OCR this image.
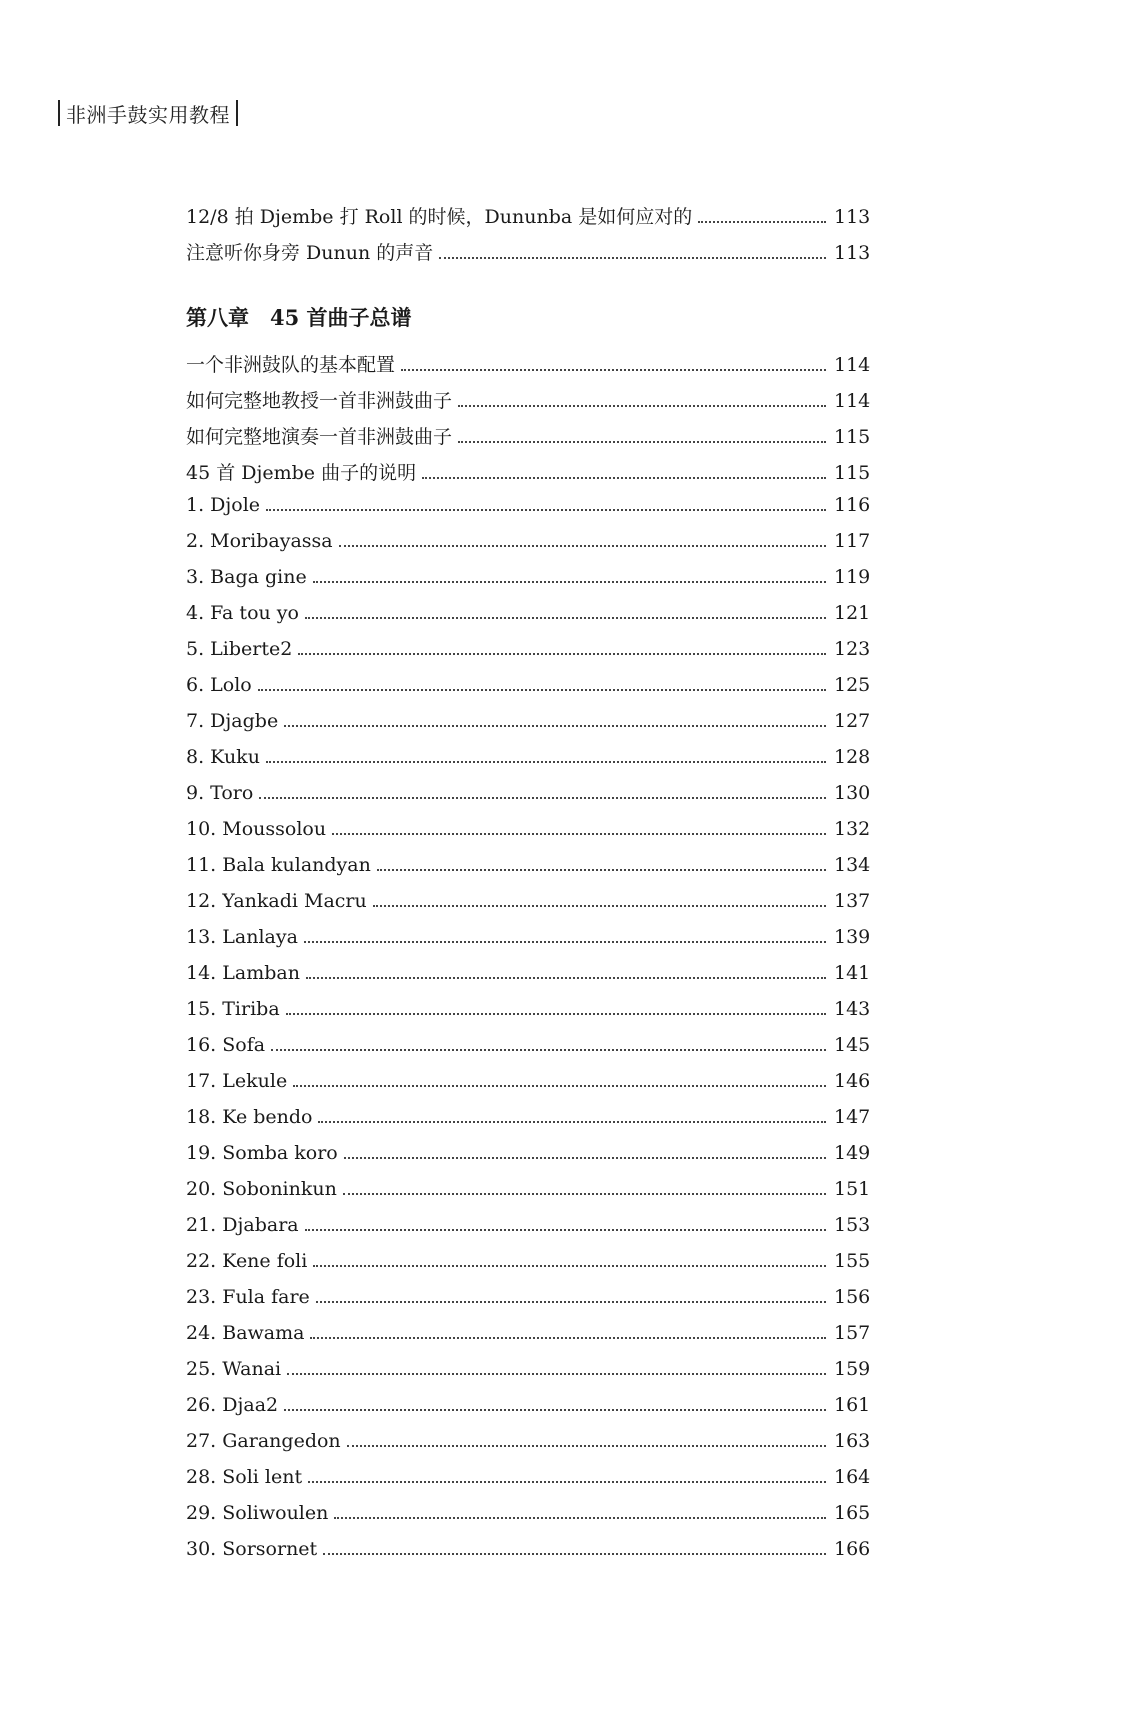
非洲手鼓实用教程
12/8 拍 Djembe 打 Roll 的时候，Dununba 是如何应对的	113
注意听你身旁 Dunun 的声音	113
第八章　45 首曲子总谱
一个非洲鼓队的基本配置	114
如何完整地教授一首非洲鼓曲子	114
如何完整地演奏一首非洲鼓曲子	115
45 首 Djembe 曲子的说明	115
1. Djole	116
2. Moribayassa	117
3. Baga gine	119
4. Fa tou yo	121
5. Liberte2	123
6. Lolo	125
7. Djagbe	127
8. Kuku	128
9. Toro	130
10. Moussolou	132
11. Bala kulandyan	134
12. Yankadi Macru	137
13. Lanlaya	139
14. Lamban	141
15. Tiriba	143
16. Sofa	145
17. Lekule	146
18. Ke bendo	147
19. Somba koro	149
20. Soboninkun	151
21. Djabara	153
22. Kene foli	155
23. Fula fare	156
24. Bawama	157
25. Wanai	159
26. Djaa2	161
27. Garangedon	163
28. Soli lent	164
29. Soliwoulen	165
30. Sorsornet	166
